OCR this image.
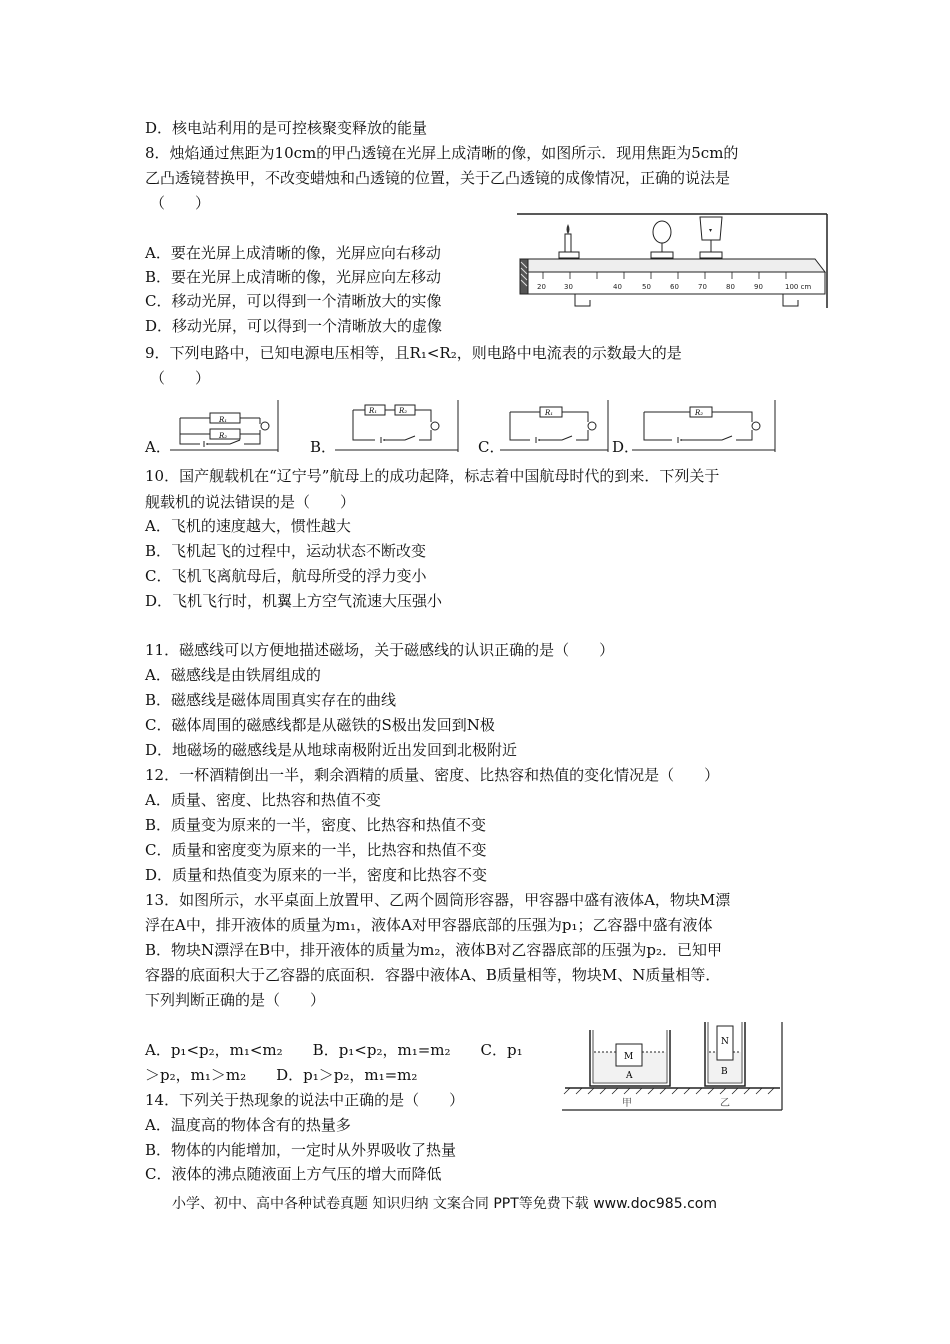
D．核电站利用的是可控核聚变释放的能量
8．烛焰通过焦距为10cm的甲凸透镜在光屏上成清晰的像，如图所示．现用焦距为5cm的
乙凸透镜替换甲，不改变蜡烛和凸透镜的位置，关于乙凸透镜的成像情况，正确的说法是
（　　）
A．要在光屏上成清晰的像，光屏应向右移动
B．要在光屏上成清晰的像，光屏应向左移动
C．移动光屏，可以得到一个清晰放大的实像
D．移动光屏，可以得到一个清晰放大的虚像
20	30	40	50	60	70	80	90	100 cm
▾
9．下列电路中，已知电源电压相等，且R₁<R₂，则电路中电流表的示数最大的是
（　　）
A．
R₁
R₂
B．
R₁	R₂
C．
R₁
D．
R₂
10．国产舰载机在“辽宁号”航母上的成功起降，标志着中国航母时代的到来．下列关于
舰载机的说法错误的是（　　）
A．飞机的速度越大，惯性越大
B．飞机起飞的过程中，运动状态不断改变
C．飞机飞离航母后，航母所受的浮力变小
D．飞机飞行时，机翼上方空气流速大压强小
11．磁感线可以方便地描述磁场，关于磁感线的认识正确的是（　　）
A．磁感线是由铁屑组成的
B．磁感线是磁体周围真实存在的曲线
C．磁体周围的磁感线都是从磁铁的S极出发回到N极
D．地磁场的磁感线是从地球南极附近出发回到北极附近
12．一杯酒精倒出一半，剩余酒精的质量、密度、比热容和热值的变化情况是（　　）
A．质量、密度、比热容和热值不变
B．质量变为原来的一半，密度、比热容和热值不变
C．质量和密度变为原来的一半，比热容和热值不变
D．质量和热值变为原来的一半，密度和比热容不变
13．如图所示，水平桌面上放置甲、乙两个圆筒形容器，甲容器中盛有液体A，物块M漂
浮在A中，排开液体的质量为m₁，液体A对甲容器底部的压强为p₁；乙容器中盛有液体
B．物块N漂浮在B中，排开液体的质量为m₂，液体B对乙容器底部的压强为p₂．已知甲
容器的底面积大于乙容器的底面积．容器中液体A、B质量相等，物块M、N质量相等．
下列判断正确的是（　　）
A．p₁<p₂，m₁<m₂　　B．p₁<p₂，m₁=m₂　　C．p₁
＞p₂，m₁＞m₂　　D．p₁＞p₂，m₁=m₂
M
A
N
B
甲	乙
14．下列关于热现象的说法中正确的是（　　）
A．温度高的物体含有的热量多
B．物体的内能增加，一定时从外界吸收了热量
C．液体的沸点随液面上方气压的增大而降低
小学、初中、高中各种试卷真题 知识归纳 文案合同 PPT等免费下载 www.doc985.com
